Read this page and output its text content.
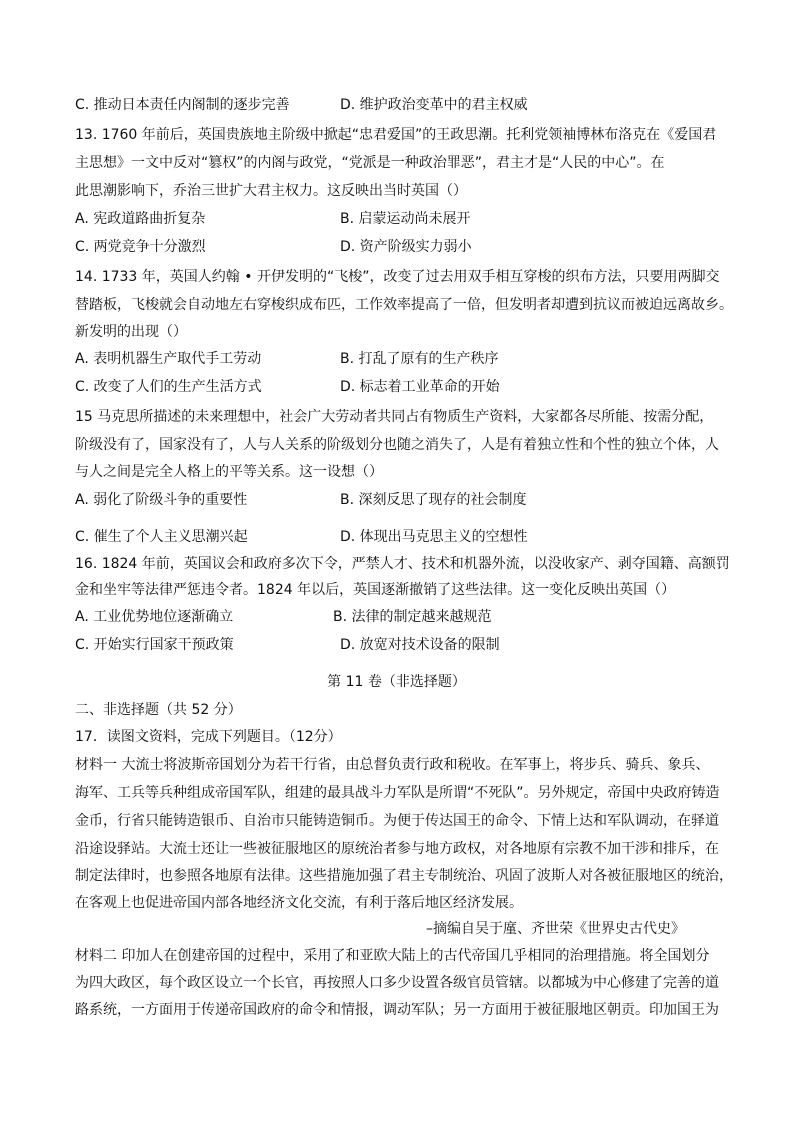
C. 推动日本责任内阁制的逐步完善	D. 维护政治变革中的君主权威
13. 1760 年前后，英国贵族地主阶级中掀起“忠君爱国”的王政思潮。托利党领袖博林布洛克在《爱国君
主思想》一文中反对“篡权”的内阁与政党，“党派是一种政治罪恶”，君主才是“人民的中心”。在
此思潮影响下，乔治三世扩大君主权力。这反映出当时英国（）
A. 宪政道路曲折复杂	B. 启蒙运动尚未展开
C. 两党竞争十分激烈	D. 资产阶级实力弱小
14. 1733 年，英国人约翰 • 开伊发明的“飞梭”，改变了过去用双手相互穿梭的织布方法，只要用两脚交
替踏板，飞梭就会自动地左右穿梭织成布匹，工作效率提高了一倍，但发明者却遭到抗议而被迫远离故乡。
新发明的出现（）
A. 表明机器生产取代手工劳动	B. 打乱了原有的生产秩序
C. 改变了人们的生产生活方式	D. 标志着工业革命的开始
15 马克思所描述的未来理想中，社会广大劳动者共同占有物质生产资料，大家都各尽所能、按需分配，
阶级没有了，国家没有了，人与人关系的阶级划分也随之消失了，人是有着独立性和个性的独立个体，人
与人之间是完全人格上的平等关系。这一设想（）
A. 弱化了阶级斗争的重要性	B. 深刻反思了现存的社会制度
C. 催生了个人主义思潮兴起	D. 体现出马克思主义的空想性
16. 1824 年前，英国议会和政府多次下令，严禁人才、技术和机器外流，以没收家产、剥夺国籍、高额罚
金和坐牢等法律严惩违令者。1824 年以后，英国逐渐撤销了这些法律。这一变化反映出英国（）
A. 工业优势地位逐渐确立	B. 法律的制定越来越规范
C. 开始实行国家干预政策	D. 放宽对技术设备的限制
第 11 卷（非选择题）
二、非选择题（共 52 分）
17．读图文资料，完成下列题目。（12分）
材料一 大流士将波斯帝国划分为若干行省，由总督负责行政和税收。在军事上，将步兵、骑兵、象兵、
海军、工兵等兵种组成帝国军队，组建的最具战斗力军队是所谓“不死队”。另外规定，帝国中央政府铸造
金币，行省只能铸造银币、自治市只能铸造铜币。为便于传达国王的命令、下情上达和军队调动，在驿道
沿途设驿站。大流士还让一些被征服地区的原统治者参与地方政权，对各地原有宗教不加干涉和排斥，在
制定法律时，也参照各地原有法律。这些措施加强了君主专制统治、巩固了波斯人对各被征服地区的统治，
在客观上也促进帝国内部各地经济文化交流，有利于落后地区经济发展。
–摘编自吴于廑、齐世荣《世界史古代史》
材料二 印加人在创建帝国的过程中，采用了和亚欧大陆上的古代帝国几乎相同的治理措施。将全国划分
为四大政区，每个政区设立一个长官，再按照人口多少设置各级官员管辖。以都城为中心修建了完善的道
路系统，一方面用于传递帝国政府的命令和情报，调动军队；另一方面用于被征服地区朝贡。印加国王为
